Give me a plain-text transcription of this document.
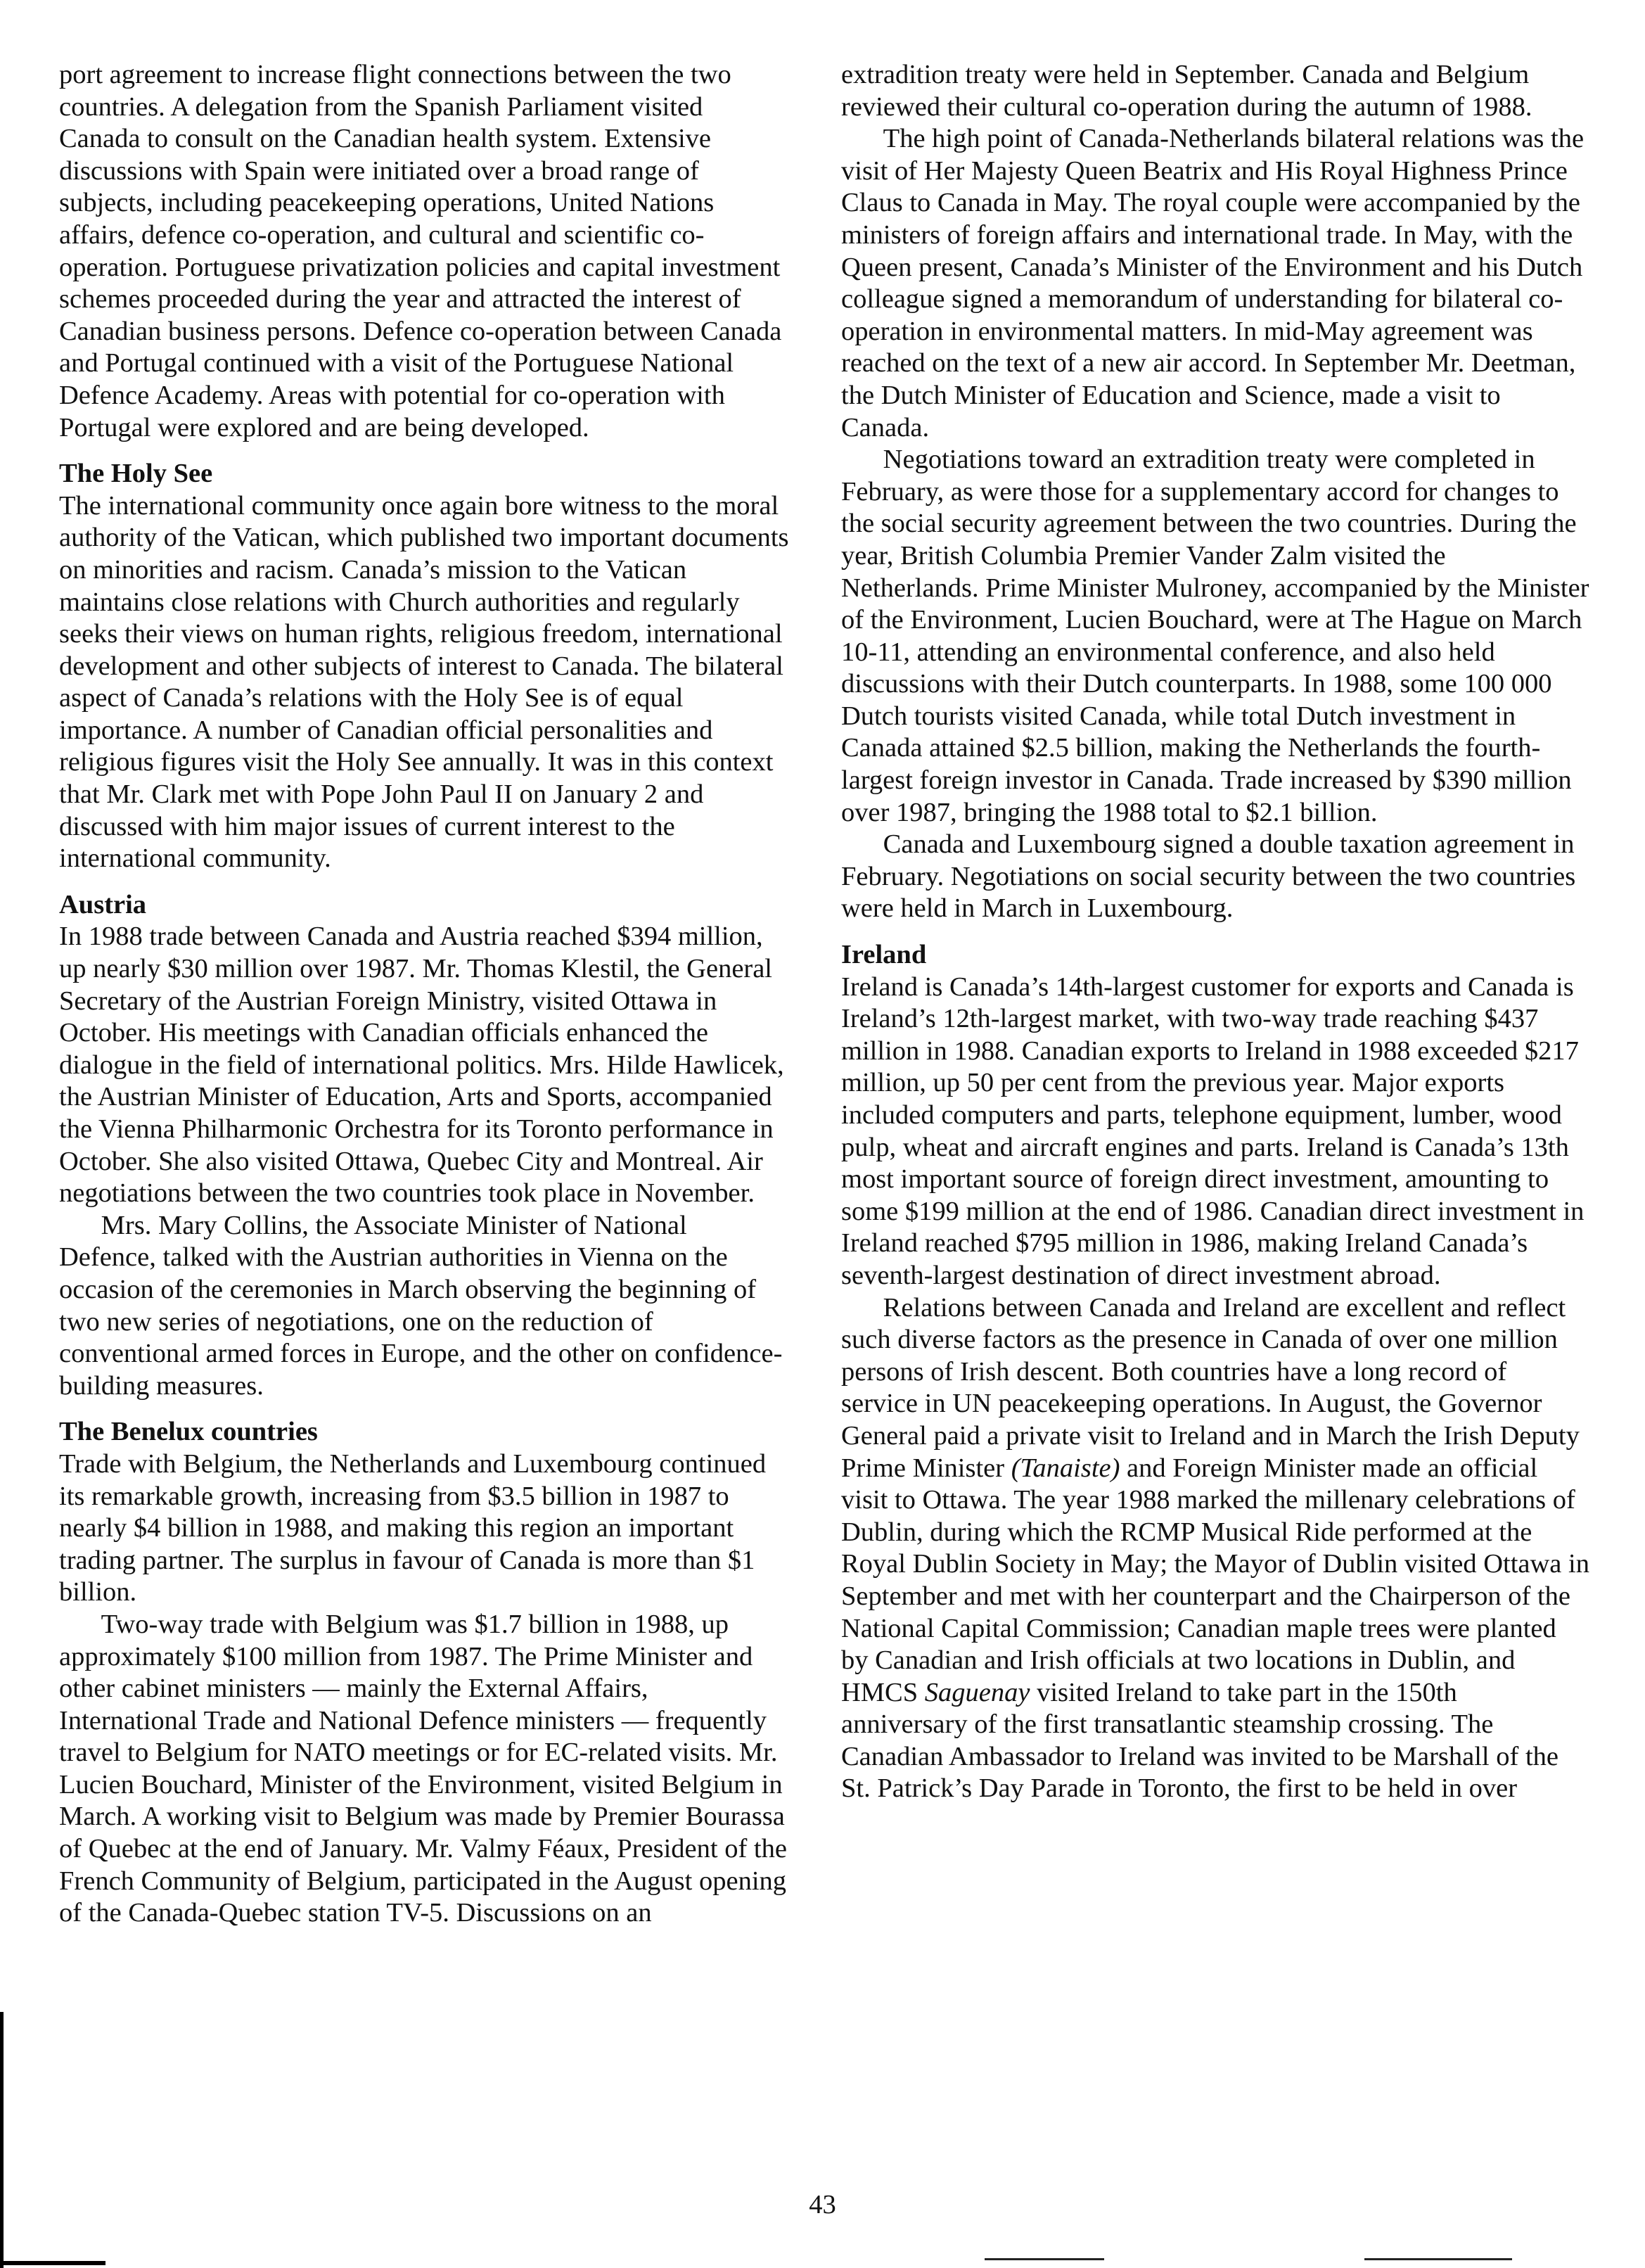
port agreement to increase flight connections between the two countries. A delegation from the Spanish Parliament visited Canada to consult on the Canadian health system. Extensive discussions with Spain were initiated over a broad range of subjects, including peacekeeping operations, United Nations affairs, defence co-operation, and cultural and scientific co-operation. Portuguese privatization policies and capital investment schemes proceeded during the year and attracted the interest of Canadian business persons. Defence co-operation between Canada and Portugal continued with a visit of the Portuguese National Defence Academy. Areas with potential for co-operation with Portugal were explored and are being developed.

The Holy See

The international community once again bore witness to the moral authority of the Vatican, which published two important documents on minorities and racism. Canada’s mission to the Vatican maintains close relations with Church authorities and regularly seeks their views on human rights, religious freedom, international development and other subjects of interest to Canada. The bilateral aspect of Canada’s relations with the Holy See is of equal importance. A number of Canadian official personalities and religious figures visit the Holy See annually. It was in this context that Mr. Clark met with Pope John Paul II on January 2 and discussed with him major issues of current interest to the international community.

Austria

In 1988 trade between Canada and Austria reached $394 million, up nearly $30 million over 1987. Mr. Thomas Klestil, the General Secretary of the Austrian Foreign Ministry, visited Ottawa in October. His meetings with Canadian officials enhanced the dialogue in the field of international politics. Mrs. Hilde Hawlicek, the Austrian Minister of Education, Arts and Sports, accompanied the Vienna Philharmonic Orchestra for its Toronto performance in October. She also visited Ottawa, Quebec City and Montreal. Air negotiations between the two countries took place in November.

Mrs. Mary Collins, the Associate Minister of National Defence, talked with the Austrian authorities in Vienna on the occasion of the ceremonies in March observing the beginning of two new series of negotiations, one on the reduction of conventional armed forces in Europe, and the other on confidence-building measures.

The Benelux countries

Trade with Belgium, the Netherlands and Luxembourg continued its remarkable growth, increasing from $3.5 billion in 1987 to nearly $4 billion in 1988, and making this region an important trading partner. The surplus in favour of Canada is more than $1 billion.

Two-way trade with Belgium was $1.7 billion in 1988, up approximately $100 million from 1987. The Prime Minister and other cabinet ministers — mainly the External Affairs, International Trade and National Defence ministers — frequently travel to Belgium for NATO meetings or for EC-related visits. Mr. Lucien Bouchard, Minister of the Environment, visited Belgium in March. A working visit to Belgium was made by Premier Bourassa of Quebec at the end of January. Mr. Valmy Féaux, President of the French Community of Belgium, participated in the August opening of the Canada-Quebec station TV-5. Discussions on an

extradition treaty were held in September. Canada and Belgium reviewed their cultural co-operation during the autumn of 1988.

The high point of Canada-Netherlands bilateral relations was the visit of Her Majesty Queen Beatrix and His Royal Highness Prince Claus to Canada in May. The royal couple were accompanied by the ministers of foreign affairs and international trade. In May, with the Queen present, Canada’s Minister of the Environment and his Dutch colleague signed a memorandum of understanding for bilateral co-operation in environmental matters. In mid-May agreement was reached on the text of a new air accord. In September Mr. Deetman, the Dutch Minister of Education and Science, made a visit to Canada.

Negotiations toward an extradition treaty were completed in February, as were those for a supplementary accord for changes to the social security agreement between the two countries. During the year, British Columbia Premier Vander Zalm visited the Netherlands. Prime Minister Mulroney, accompanied by the Minister of the Environment, Lucien Bouchard, were at The Hague on March 10-11, attending an environmental conference, and also held discussions with their Dutch counterparts. In 1988, some 100 000 Dutch tourists visited Canada, while total Dutch investment in Canada attained $2.5 billion, making the Netherlands the fourth-largest foreign investor in Canada. Trade increased by $390 million over 1987, bringing the 1988 total to $2.1 billion.

Canada and Luxembourg signed a double taxation agreement in February. Negotiations on social security between the two countries were held in March in Luxembourg.

Ireland

Ireland is Canada’s 14th-largest customer for exports and Canada is Ireland’s 12th-largest market, with two-way trade reaching $437 million in 1988. Canadian exports to Ireland in 1988 exceeded $217 million, up 50 per cent from the previous year. Major exports included computers and parts, telephone equipment, lumber, wood pulp, wheat and aircraft engines and parts. Ireland is Canada’s 13th most important source of foreign direct investment, amounting to some $199 million at the end of 1986. Canadian direct investment in Ireland reached $795 million in 1986, making Ireland Canada’s seventh-largest destination of direct investment abroad.

Relations between Canada and Ireland are excellent and reflect such diverse factors as the presence in Canada of over one million persons of Irish descent. Both countries have a long record of service in UN peacekeeping operations. In August, the Governor General paid a private visit to Ireland and in March the Irish Deputy Prime Minister (Tanaiste) and Foreign Minister made an official visit to Ottawa. The year 1988 marked the millenary celebrations of Dublin, during which the RCMP Musical Ride performed at the Royal Dublin Society in May; the Mayor of Dublin visited Ottawa in September and met with her counterpart and the Chairperson of the National Capital Commission; Canadian maple trees were planted by Canadian and Irish officials at two locations in Dublin, and HMCS Saguenay visited Ireland to take part in the 150th anniversary of the first transatlantic steamship crossing. The Canadian Ambassador to Ireland was invited to be Marshall of the St. Patrick’s Day Parade in Toronto, the first to be held in over

43
